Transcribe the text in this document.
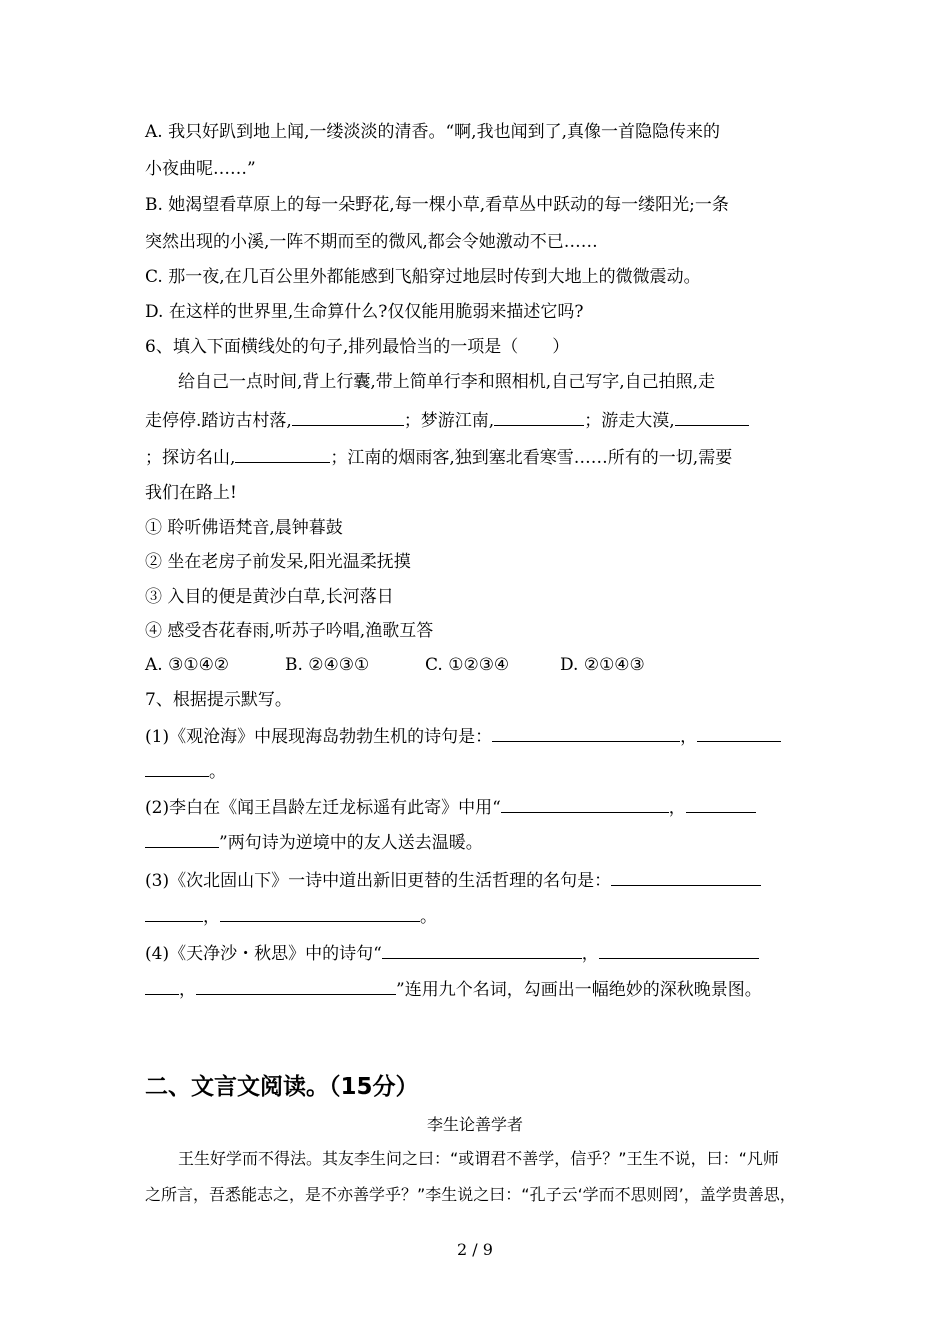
A. 我只好趴到地上闻,一缕淡淡的清香。“啊,我也闻到了,真像一首隐隐传来的
小夜曲呢……”
B. 她渴望看草原上的每一朵野花,每一棵小草,看草丛中跃动的每一缕阳光;一条
突然出现的小溪,一阵不期而至的微风,都会令她激动不已……
C. 那一夜,在几百公里外都能感到飞船穿过地层时传到大地上的微微震动。
D. 在这样的世界里,生命算什么?仅仅能用脆弱来描述它吗?
6、填入下面横线处的句子,排列最恰当的一项是（　　）
给自己一点时间,背上行囊,带上简单行李和照相机,自己写字,自己拍照,走
走停停.踏访古村落,	；梦游江南,	；游走大漠,
；探访名山,	；江南的烟雨客,独到塞北看寒雪……所有的一切,需要
我们在路上!
① 聆听佛语梵音,晨钟暮鼓
② 坐在老房子前发呆,阳光温柔抚摸
③ 入目的便是黄沙白草,长河落日
④ 感受杏花春雨,听苏子吟唱,渔歌互答
A. ③①④②	B. ②④③①	C. ①②③④	D. ②①④③
7、根据提示默写。
(1)《观沧海》中展现海岛勃勃生机的诗句是：	，
。
(2)李白在《闻王昌龄左迁龙标遥有此寄》中用“	，
”两句诗为逆境中的友人送去温暖。
(3)《次北固山下》一诗中道出新旧更替的生活哲理的名句是：
，	。
(4)《天净沙・秋思》中的诗句“	，
，	”连用九个名词，勾画出一幅绝妙的深秋晚景图。
二、文言文阅读。（15分）
李生论善学者
王生好学而不得法。其友李生问之曰：“或谓君不善学，信乎？”王生不说，曰：“凡师
之所言，吾悉能志之，是不亦善学乎？”李生说之曰：“孔子云‘学而不思则罔’，盖学贵善思，
2 / 9
